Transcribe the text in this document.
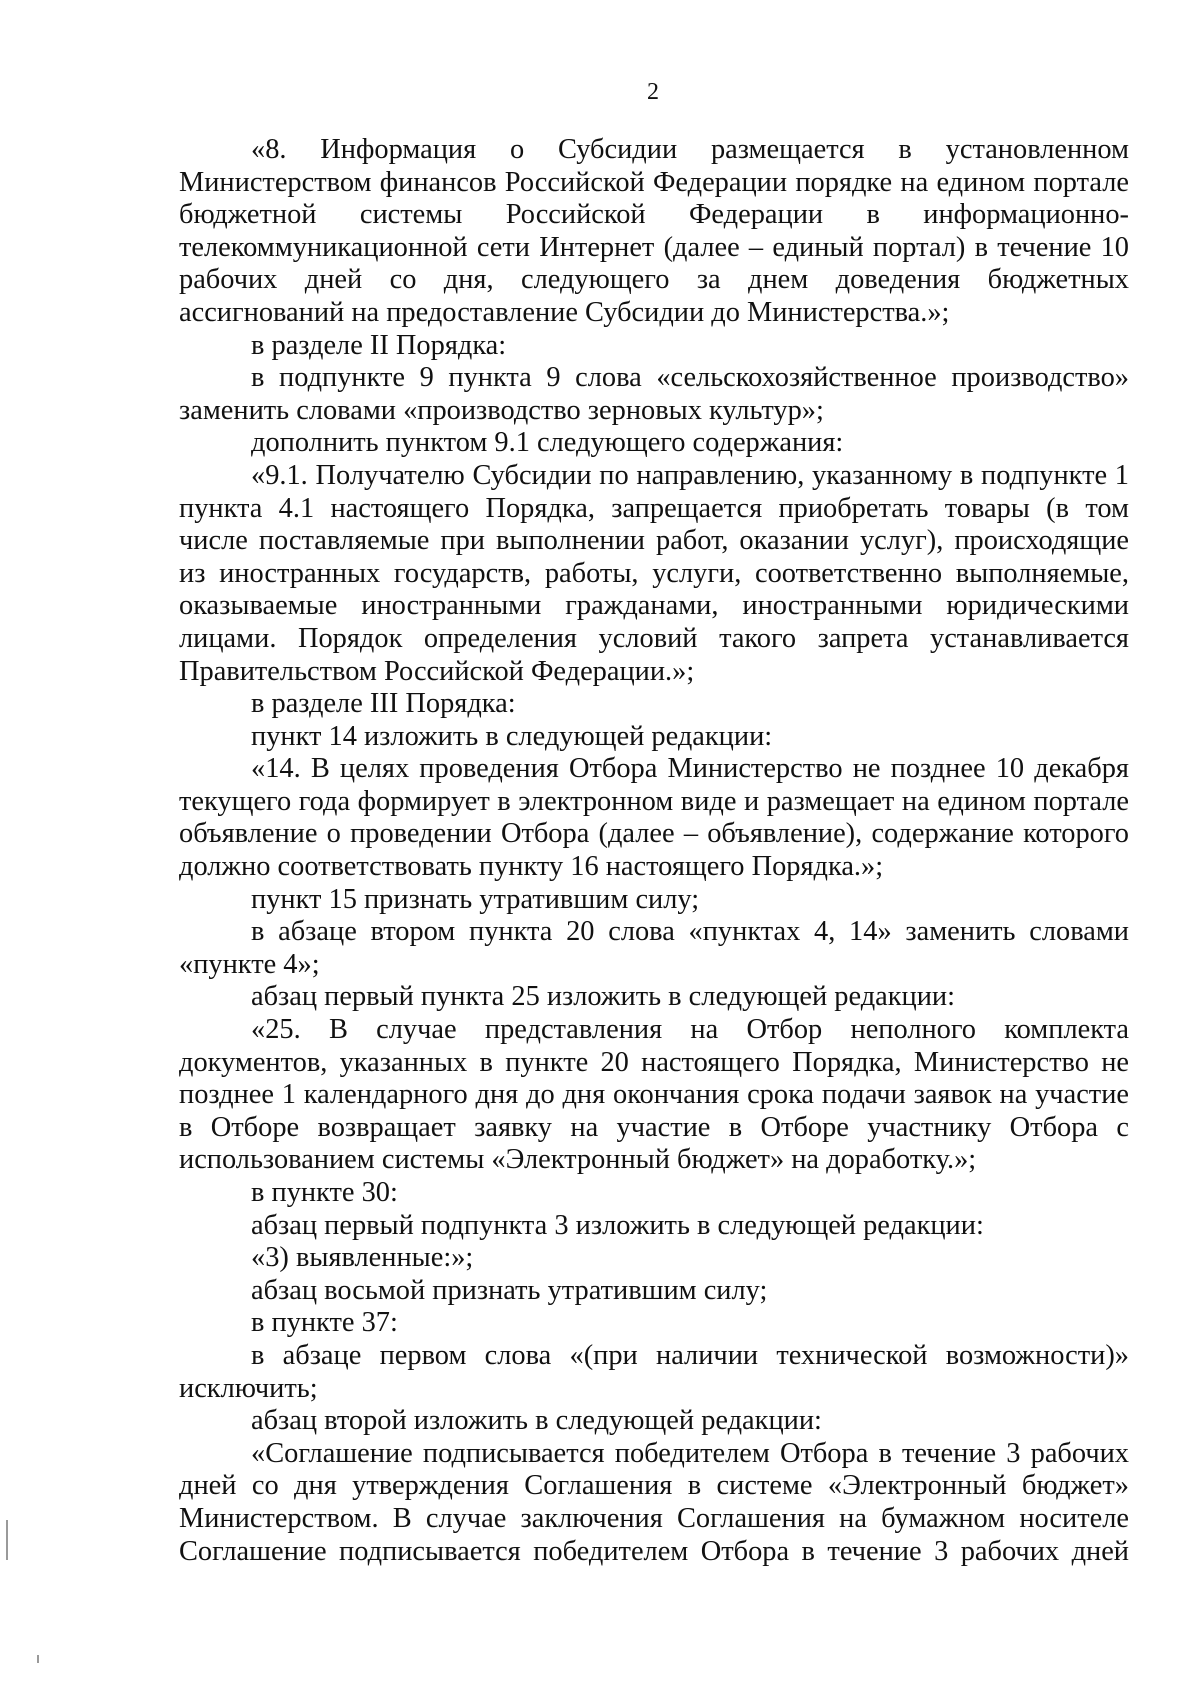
2

«8. Информация о Субсидии размещается в установленном Министерством финансов Российской Федерации порядке на едином портале бюджетной системы Российской Федерации в информационно-телекоммуникационной сети Интернет (далее – единый портал) в течение 10 рабочих дней со дня, следующего за днем доведения бюджетных ассигнований на предоставление Субсидии до Министерства.»;

в разделе II Порядка:

в подпункте 9 пункта 9 слова «сельскохозяйственное производство» заменить словами «производство зерновых культур»;

дополнить пунктом 9.1 следующего содержания:

«9.1. Получателю Субсидии по направлению, указанному в подпункте 1 пункта 4.1 настоящего Порядка, запрещается приобретать товары (в том числе поставляемые при выполнении работ, оказании услуг), происходящие из иностранных государств, работы, услуги, соответственно выполняемые, оказываемые иностранными гражданами, иностранными юридическими лицами. Порядок определения условий такого запрета устанавливается Правительством Российской Федерации.»;

в разделе III Порядка:

пункт 14 изложить в следующей редакции:

«14. В целях проведения Отбора Министерство не позднее 10 декабря текущего года формирует в электронном виде и размещает на едином портале объявление о проведении Отбора (далее – объявление), содержание которого должно соответствовать пункту 16 настоящего Порядка.»;

пункт 15 признать утратившим силу;

в абзаце втором пункта 20 слова «пунктах 4, 14» заменить словами «пункте 4»;

абзац первый пункта 25 изложить в следующей редакции:

«25. В случае представления на Отбор неполного комплекта документов, указанных в пункте 20 настоящего Порядка, Министерство не позднее 1 календарного дня до дня окончания срока подачи заявок на участие в Отборе возвращает заявку на участие в Отборе участнику Отбора с использованием системы «Электронный бюджет» на доработку.»;

в пункте 30:

абзац первый подпункта 3 изложить в следующей редакции:

«3) выявленные:»;

абзац восьмой признать утратившим силу;

в пункте 37:

в абзаце первом слова «(при наличии технической возможности)» исключить;

абзац второй изложить в следующей редакции:

«Соглашение подписывается победителем Отбора в течение 3 рабочих дней со дня утверждения Соглашения в системе «Электронный бюджет» Министерством. В случае заключения Соглашения на бумажном носителе Соглашение подписывается победителем Отбора в течение 3 рабочих дней
